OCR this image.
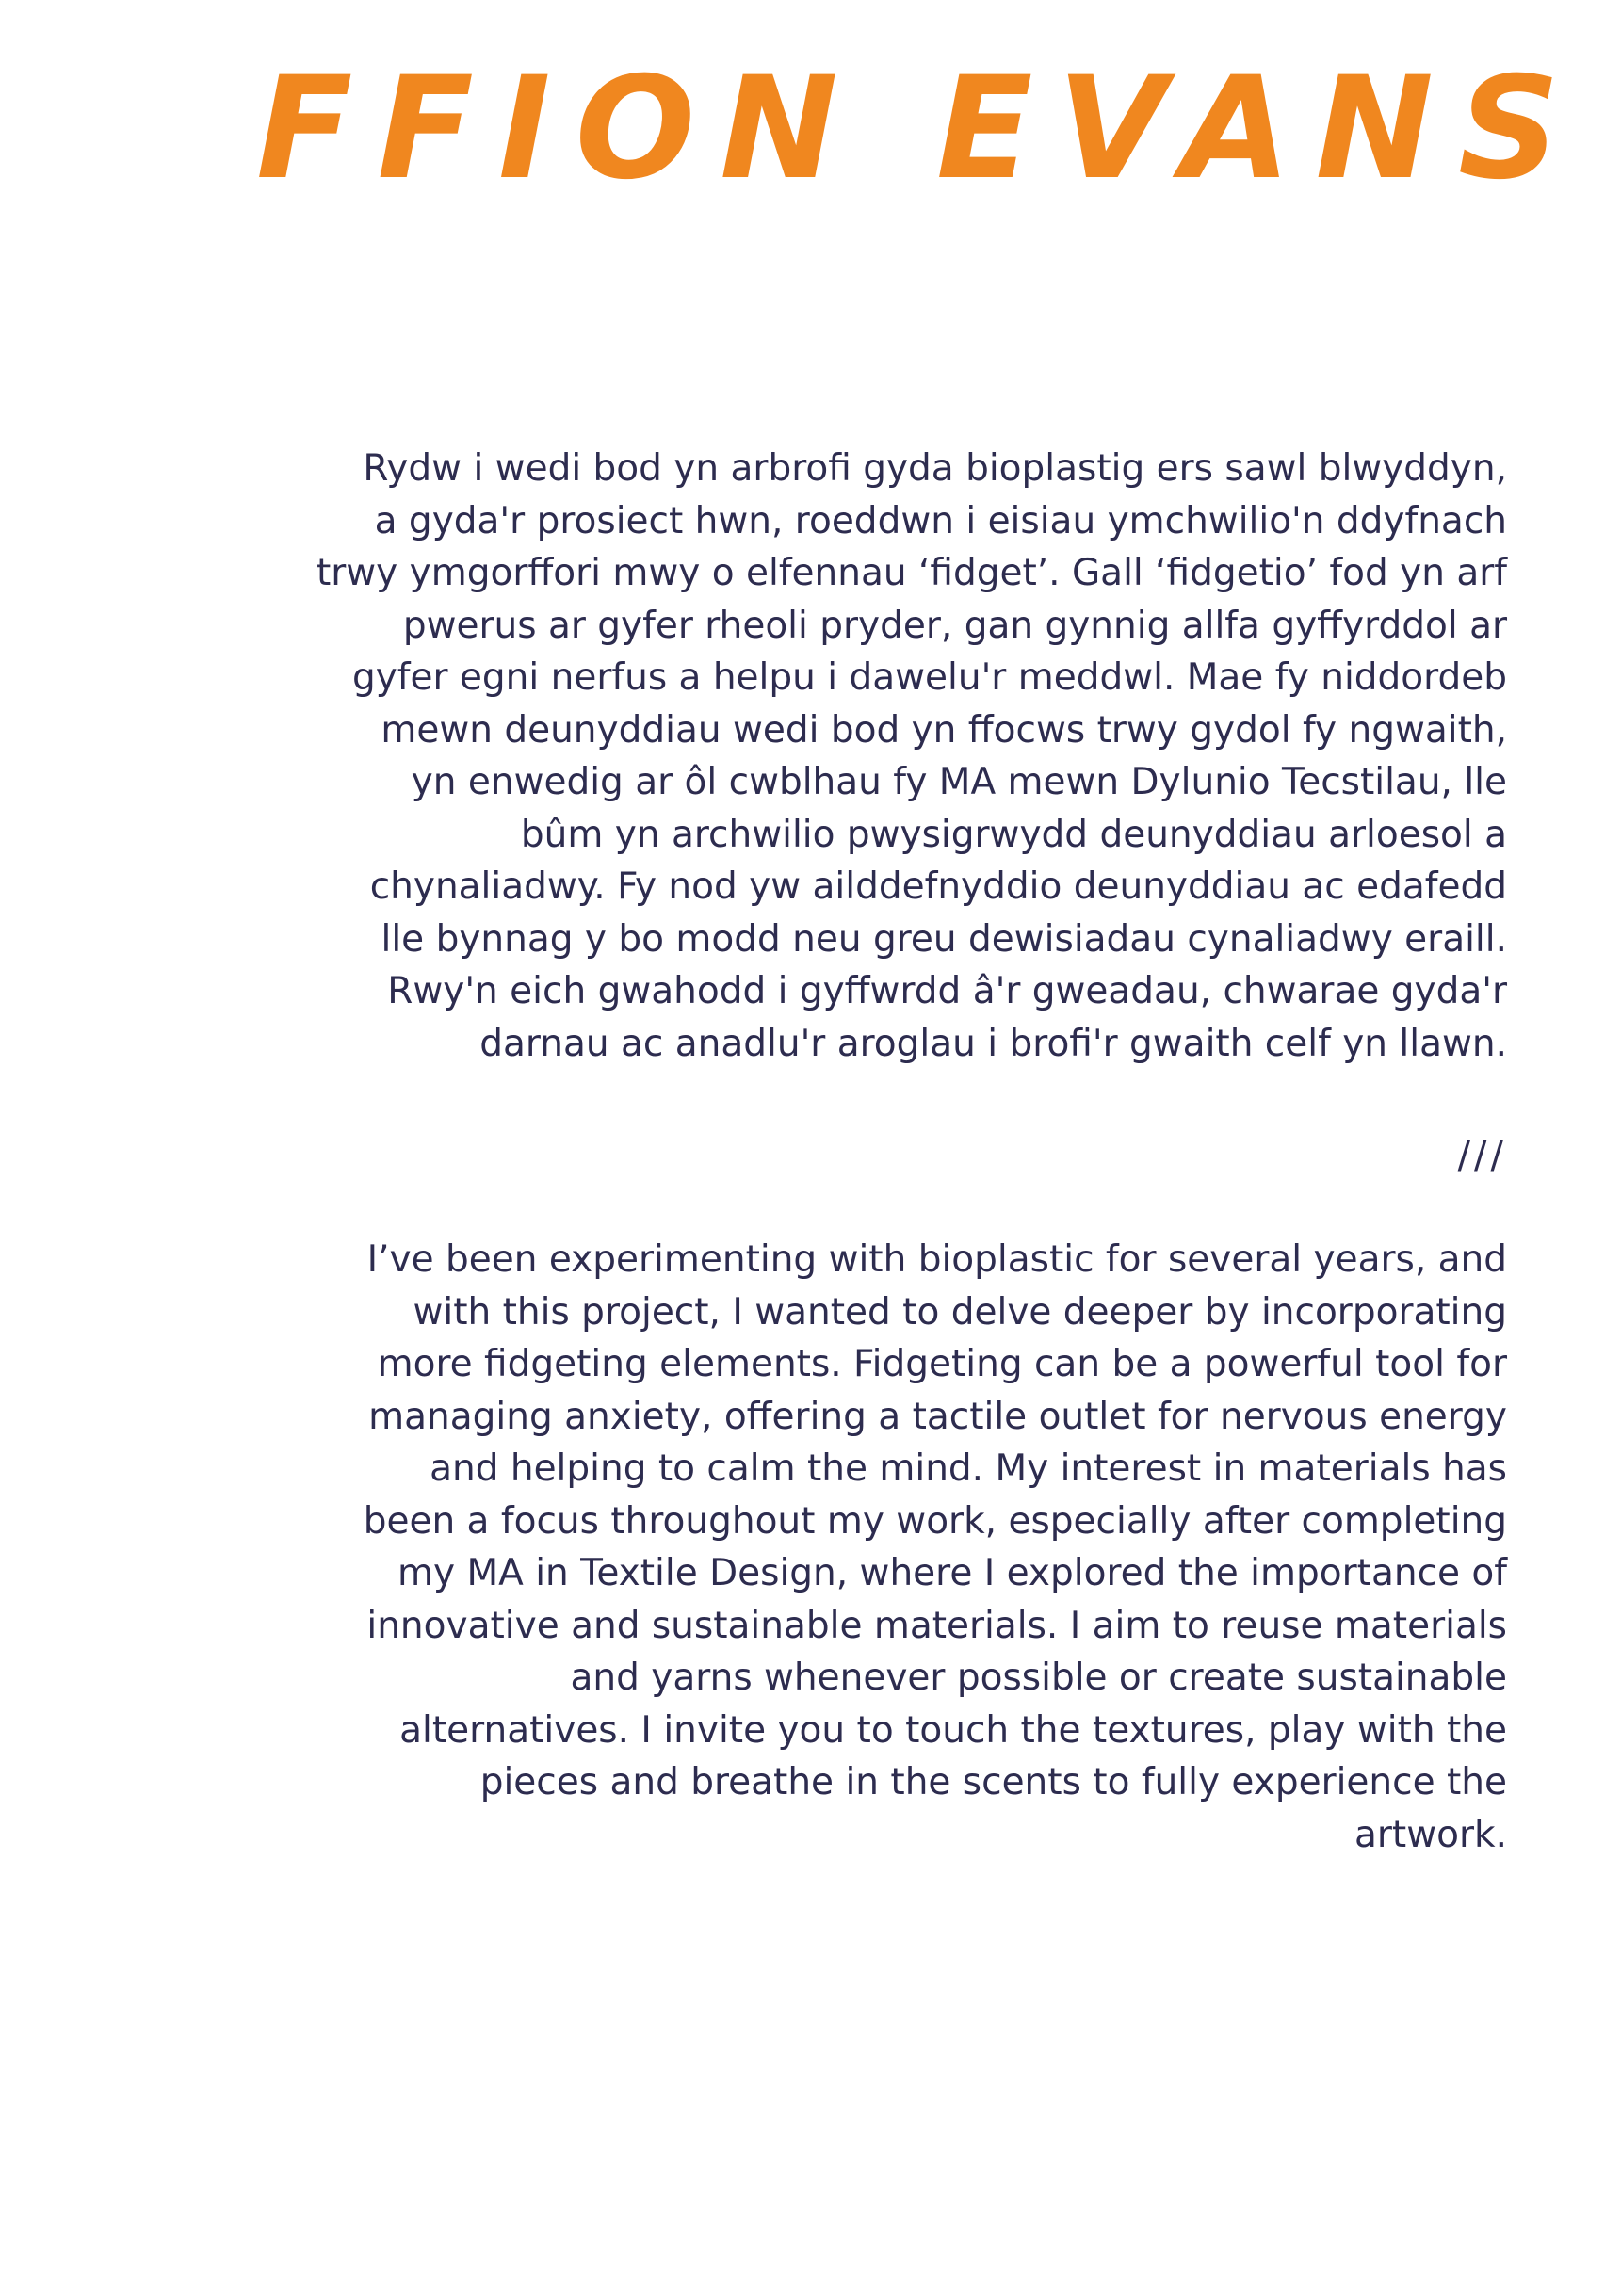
FFION EVANS
Rydw i wedi bod yn arbrofi gyda bioplastig ers sawl blwyddyn,
a gyda'r prosiect hwn, roeddwn i eisiau ymchwilio'n ddyfnach
trwy ymgorffori mwy o elfennau ‘fidget’. Gall ‘fidgetio’ fod yn arf
pwerus ar gyfer rheoli pryder, gan gynnig allfa gyffyrddol ar
gyfer egni nerfus a helpu i dawelu'r meddwl. Mae fy niddordeb
mewn deunyddiau wedi bod yn ffocws trwy gydol fy ngwaith,
yn enwedig ar ôl cwblhau fy MA mewn Dylunio Tecstilau, lle
bûm yn archwilio pwysigrwydd deunyddiau arloesol a
chynaliadwy. Fy nod yw ailddefnyddio deunyddiau ac edafedd
lle bynnag y bo modd neu greu dewisiadau cynaliadwy eraill.
Rwy'n eich gwahodd i gyffwrdd â'r gweadau, chwarae gyda'r
darnau ac anadlu'r aroglau i brofi'r gwaith celf yn llawn.
///
I’ve been experimenting with bioplastic for several years, and
with this project, I wanted to delve deeper by incorporating
more fidgeting elements. Fidgeting can be a powerful tool for
managing anxiety, offering a tactile outlet for nervous energy
and helping to calm the mind. My interest in materials has
been a focus throughout my work, especially after completing
my MA in Textile Design, where I explored the importance of
innovative and sustainable materials. I aim to reuse materials
and yarns whenever possible or create sustainable
alternatives. I invite you to touch the textures, play with the
pieces and breathe in the scents to fully experience the
artwork.
